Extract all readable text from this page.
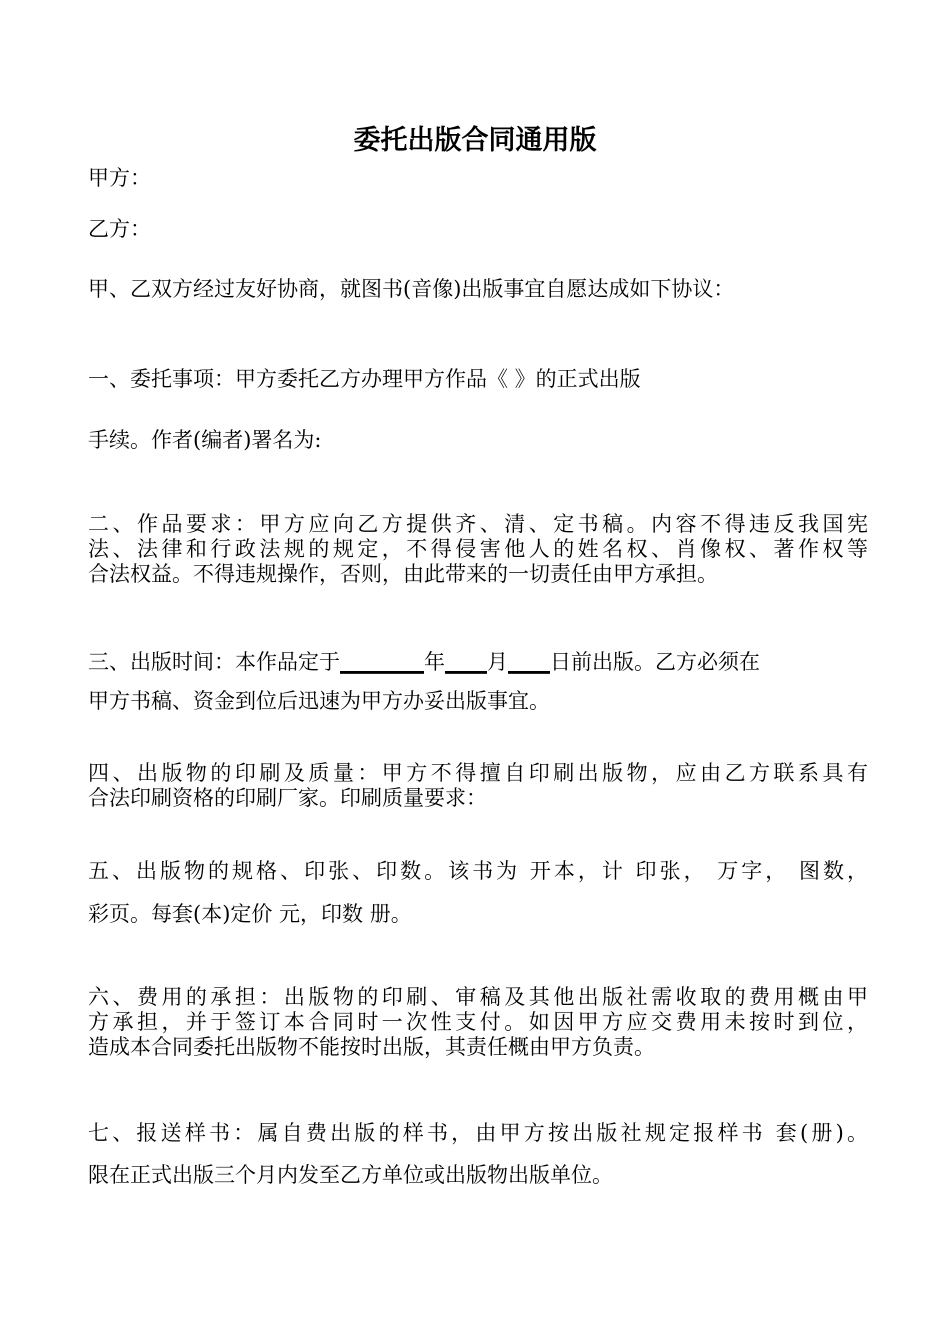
委托出版合同通用版
甲方：
乙方：
甲、乙双方经过友好协商，就图书(音像)出版事宜自愿达成如下协议：
一、委托事项：甲方委托乙方办理甲方作品《 》的正式出版
手续。作者(编者)署名为:
二、作品要求：甲方应向乙方提供齐、清、定书稿。内容不得违反我国宪
法、法律和行政法规的规定，不得侵害他人的姓名权、肖像权、著作权等
合法权益。不得违规操作，否则，由此带来的一切责任由甲方承担。
三、出版时间：本作品定于________年____月____日前出版。乙方必须在
甲方书稿、资金到位后迅速为甲方办妥出版事宜。
四、出版物的印刷及质量：甲方不得擅自印刷出版物，应由乙方联系具有
合法印刷资格的印刷厂家。印刷质量要求：
五、出版物的规格、印张、印数。该书为 开本，计 印张， 万字， 图数，
彩页。每套(本)定价 元，印数 册。
六、费用的承担：出版物的印刷、审稿及其他出版社需收取的费用概由甲
方承担，并于签订本合同时一次性支付。如因甲方应交费用未按时到位，
造成本合同委托出版物不能按时出版，其责任概由甲方负责。
七、报送样书：属自费出版的样书，由甲方按出版社规定报样书 套(册)。
限在正式出版三个月内发至乙方单位或出版物出版单位。
